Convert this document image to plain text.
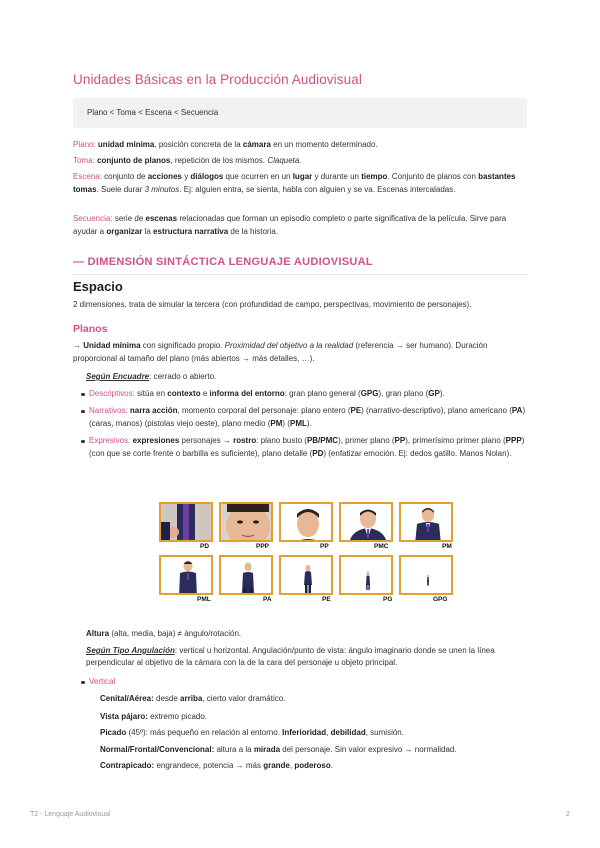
Unidades Básicas en la Producción Audiovisual
Plano < Toma < Escena < Secuencia

Plano: unidad mínima, posición concreta de la cámara en un momento determinado.

Toma: conjunto de planos, repetición de los mismos. Claqueta.

Escena: conjunto de acciones y diálogos que ocurren en un lugar y durante un tiempo. Conjunto de planos con bastantes tomas. Suele durar 3 minutos. Ej: alguien entra, se sienta, habla con alguien y se va. Escenas intercaladas.

Secuencia: serie de escenas relacionadas que forman un episodio completo o parte significativa de la película. Sirve para ayudar a organizar la estructura narrativa de la historia.

— DIMENSIÓN SINTÁCTICA LENGUAJE AUDIOVISUAL
Espacio

2 dimensiones, trata de simular la tercera (con profundidad de campo, perspectivas, movimiento de personajes).

Planos

→ Unidad mínima con significado propio. Proximidad del objetivo a la realidad (referencia → ser humano). Duración proporcional al tamaño del plano (más abiertos → más detalles, …).

Según Encuadre: cerrado o abierto.

Descriptivos: sitúa en contexto e informa del entorno: gran plano general (GPG), gran plano (GP).

Narrativos: narra acción, momento corporal del personaje: plano entero (PE) (narrativo-descriptivo), plano americano (PA) (caras, manos) (pistolas viejo oeste), plano medio (PM) (PML).

Expresivos: expresiones personajes → rostro: plano busto (PB/PMC), primer plano (PP), primerísimo primer plano (PPP) (con que se corte frente o barbilla es suficiente), plano detalle (PD) (enfatizar emoción. Ej: dedos gatillo. Manos Nolan).

PD	PPP	PP	PMC	PM
PML	PA	PE	PG	GPG

Altura (alta, media, baja) ≠ ángulo/rotación.

Según Tipo Angulación: vertical u horizontal. Angulación/punto de vista: ángulo imaginario donde se unen la línea perpendicular al objetivo de la cámara con la de la cara del personaje u objeto principal.

Vertical

Cenital/Aérea: desde arriba, cierto valor dramático.

Vista pájaro: extremo picado.

Picado (45º): más pequeño en relación al entorno. Inferioridad, debilidad, sumisión.

Normal/Frontal/Convencional: altura a la mirada del personaje. Sin valor expresivo → normalidad.

Contrapicado: engrandece, potencia → más grande, poderoso.

T2 - Lenguaje Audiovisual	2
